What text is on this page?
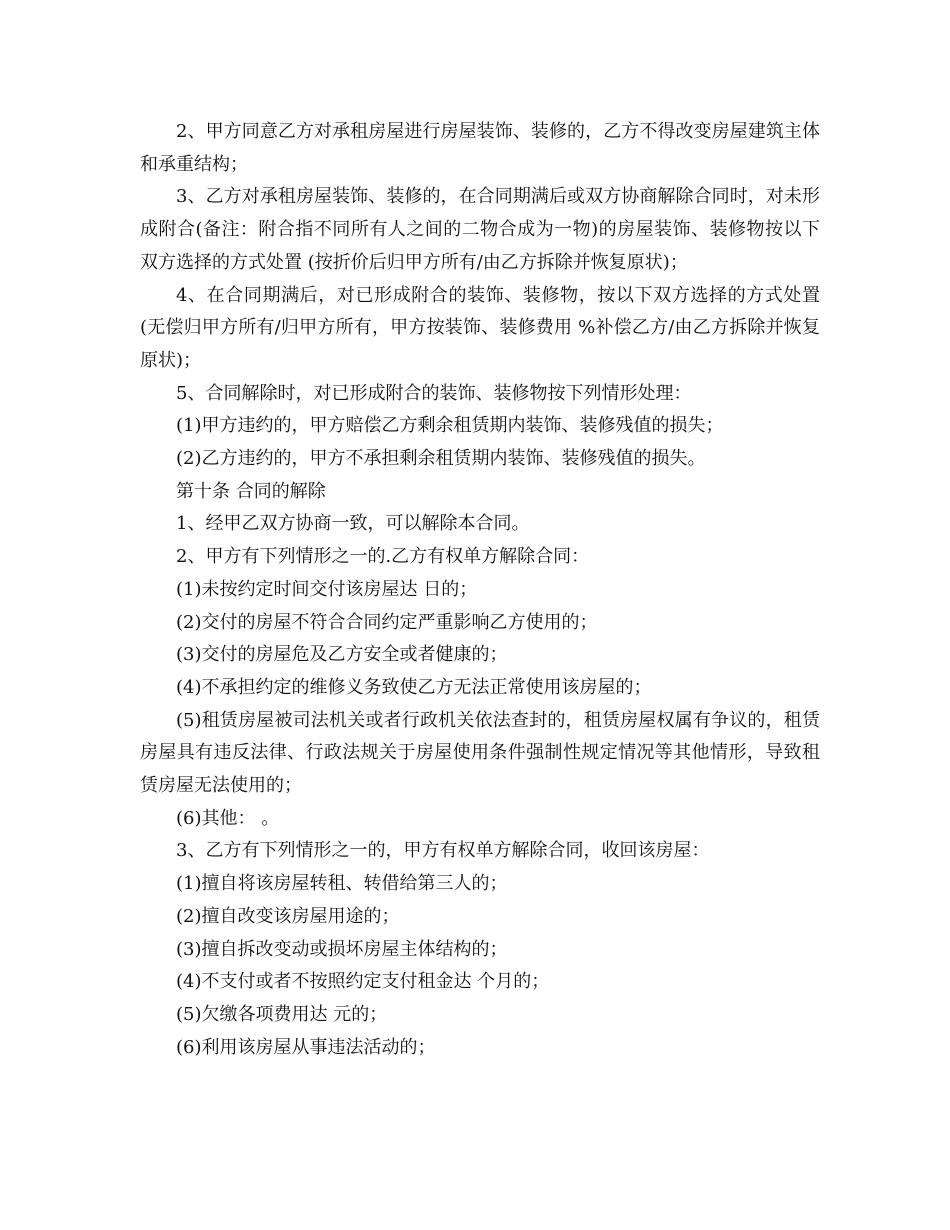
2、甲方同意乙方对承租房屋进行房屋装饰、装修的，乙方不得改变房屋建筑主体和承重结构；

3、乙方对承租房屋装饰、装修的，在合同期满后或双方协商解除合同时，对未形成附合(备注：附合指不同所有人之间的二物合成为一物)的房屋装饰、装修物按以下双方选择的方式处置 (按折价后归甲方所有/由乙方拆除并恢复原状)；

4、在合同期满后，对已形成附合的装饰、装修物，按以下双方选择的方式处置 (无偿归甲方所有/归甲方所有，甲方按装饰、装修费用 %补偿乙方/由乙方拆除并恢复原状)；

5、合同解除时，对已形成附合的装饰、装修物按下列情形处理：

(1)甲方违约的，甲方赔偿乙方剩余租赁期内装饰、装修残值的损失；

(2)乙方违约的，甲方不承担剩余租赁期内装饰、装修残值的损失。

第十条 合同的解除

1、经甲乙双方协商一致，可以解除本合同。

2、甲方有下列情形之一的.乙方有权单方解除合同：

(1)未按约定时间交付该房屋达 日的；

(2)交付的房屋不符合合同约定严重影响乙方使用的；

(3)交付的房屋危及乙方安全或者健康的；

(4)不承担约定的维修义务致使乙方无法正常使用该房屋的；

(5)租赁房屋被司法机关或者行政机关依法查封的，租赁房屋权属有争议的，租赁房屋具有违反法律、行政法规关于房屋使用条件强制性规定情况等其他情形，导致租赁房屋无法使用的；

(6)其他： 。

3、乙方有下列情形之一的，甲方有权单方解除合同，收回该房屋：

(1)擅自将该房屋转租、转借给第三人的；

(2)擅自改变该房屋用途的；

(3)擅自拆改变动或损坏房屋主体结构的；

(4)不支付或者不按照约定支付租金达 个月的；

(5)欠缴各项费用达 元的；

(6)利用该房屋从事违法活动的；
